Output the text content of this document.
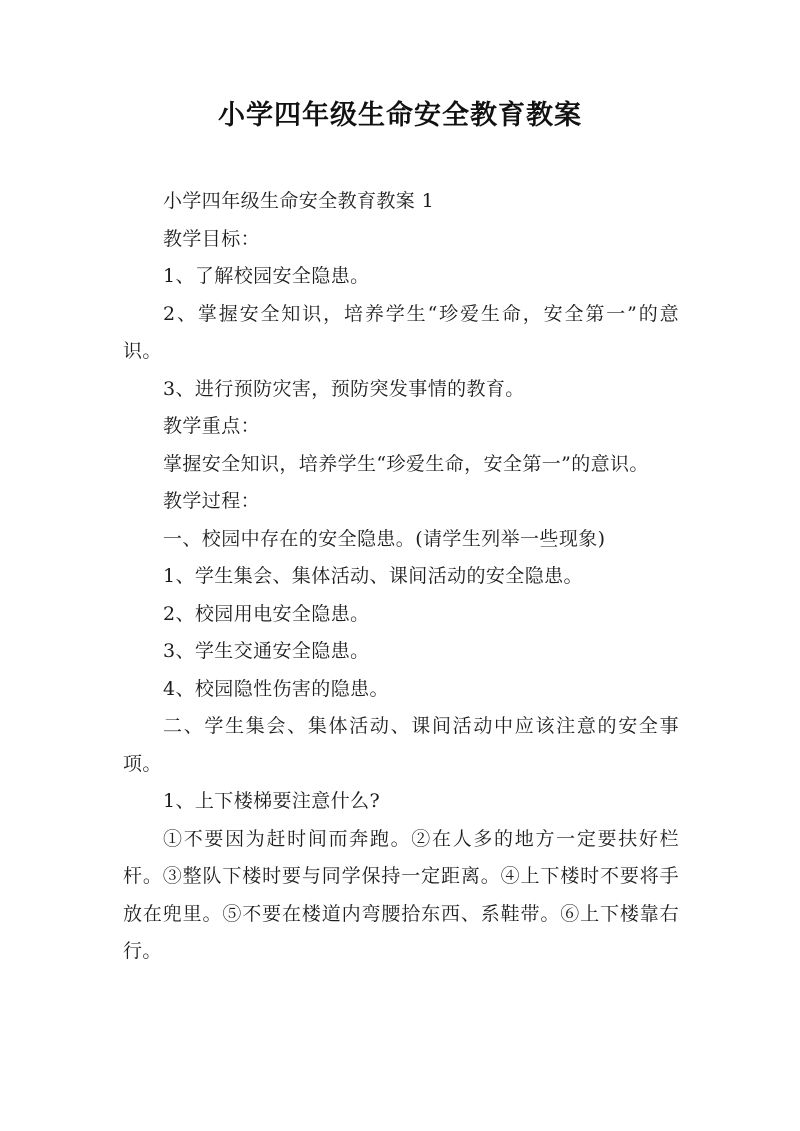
小学四年级生命安全教育教案

小学四年级生命安全教育教案 1

教学目标：

1、了解校园安全隐患。

2、掌握安全知识，培养学生“珍爱生命，安全第一”的意识。

3、进行预防灾害，预防突发事情的教育。

教学重点：

掌握安全知识，培养学生“珍爱生命，安全第一”的意识。

教学过程：

一、校园中存在的安全隐患。(请学生列举一些现象)

1、学生集会、集体活动、课间活动的安全隐患。

2、校园用电安全隐患。

3、学生交通安全隐患。

4、校园隐性伤害的隐患。

二、学生集会、集体活动、课间活动中应该注意的安全事项。

1、上下楼梯要注意什么?

①不要因为赶时间而奔跑。②在人多的地方一定要扶好栏杆。③整队下楼时要与同学保持一定距离。④上下楼时不要将手放在兜里。⑤不要在楼道内弯腰拾东西、系鞋带。⑥上下楼靠右行。
